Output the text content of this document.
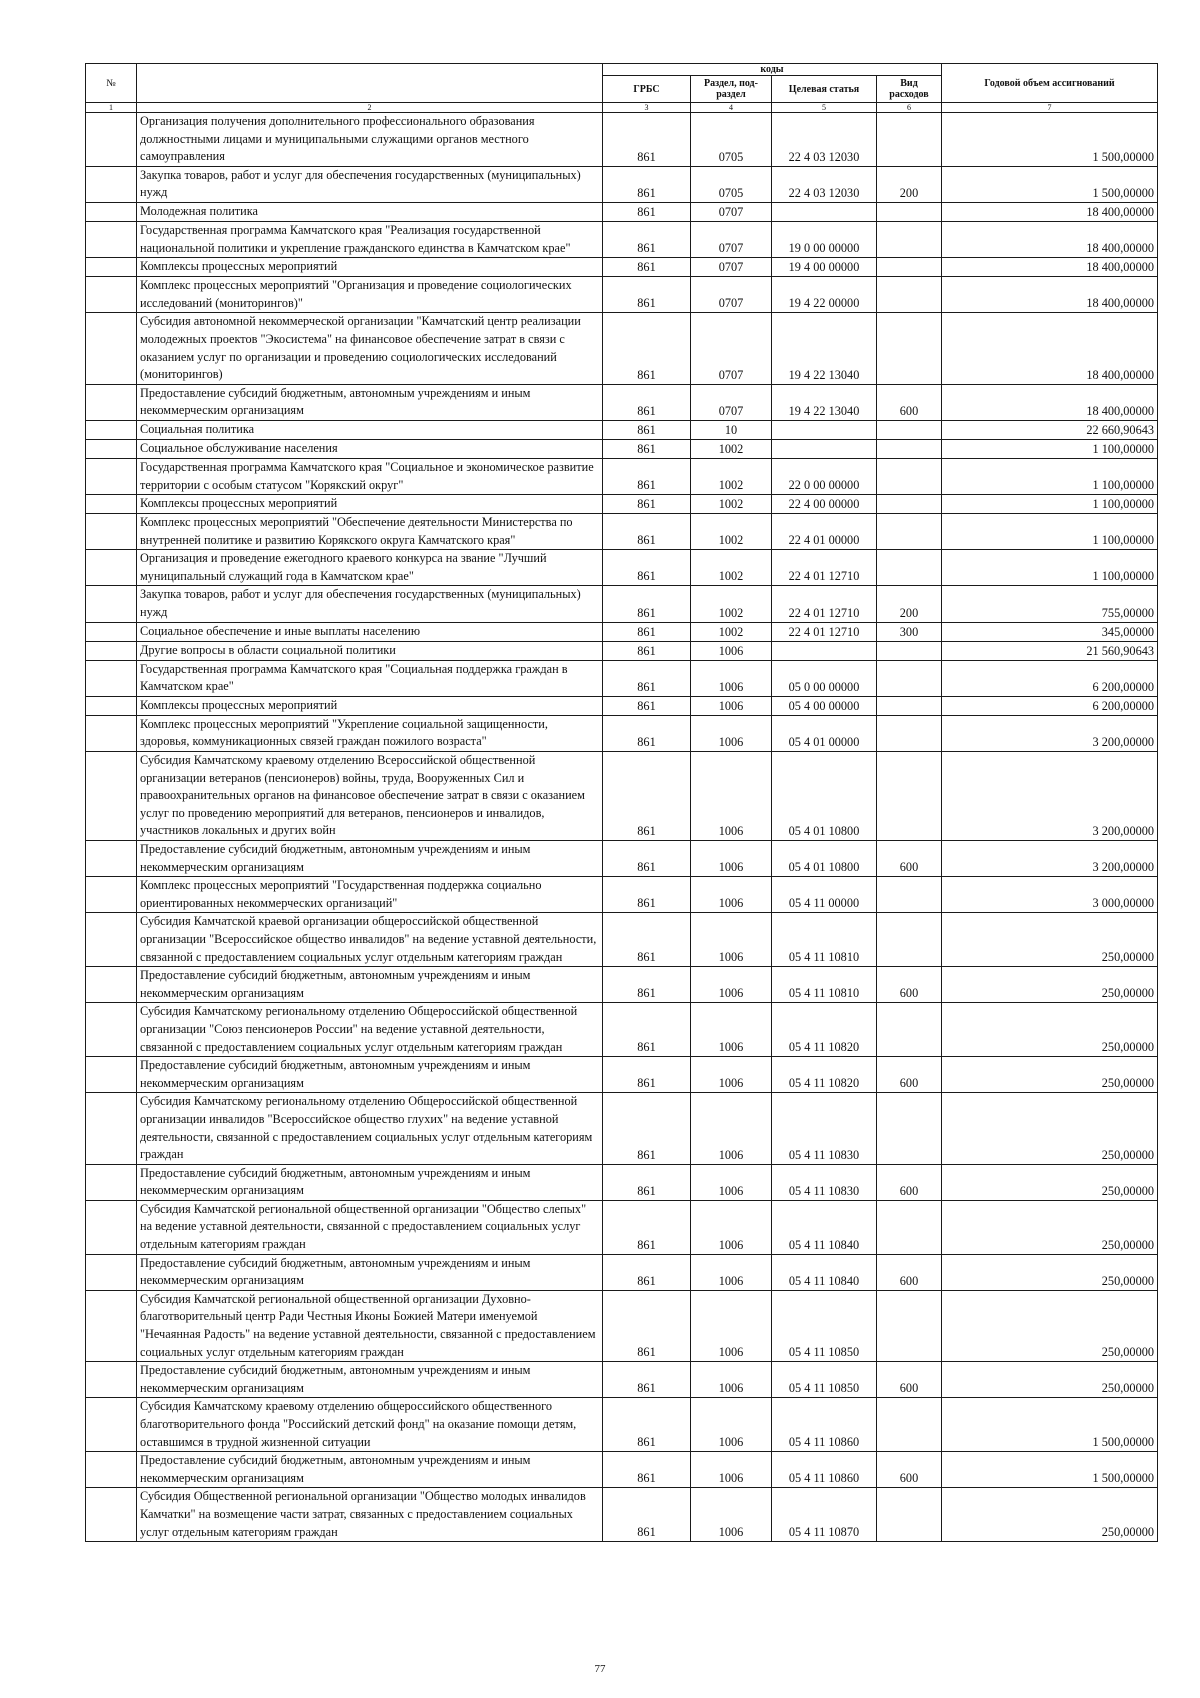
№		коды				Годовой объем ассигнований
		ГРБС	Раздел, под-раздел	Целевая статья	Вид расходов	
1	2	3	4	5	6	7
	Организация получения дополнительного профессионального образования должностными лицами и муниципальными служащими органов местного самоуправления	861	0705	22 4 03 12030		1 500,00000
	Закупка товаров, работ и услуг для обеспечения государственных (муниципальных) нужд	861	0705	22 4 03 12030	200	1 500,00000
	Молодежная политика	861	0707			18 400,00000
	Государственная программа Камчатского края "Реализация государственной национальной политики и укрепление гражданского единства в Камчатском крае"	861	0707	19 0 00 00000		18 400,00000
	Комплексы процессных мероприятий	861	0707	19 4 00 00000		18 400,00000
	Комплекс процессных мероприятий "Организация и проведение социологических исследований (мониторингов)"	861	0707	19 4 22 00000		18 400,00000
	Субсидия автономной некоммерческой организации "Камчатский центр реализации молодежных проектов "Экосистема" на финансовое обеспечение затрат в связи с оказанием услуг по организации и проведению социологических исследований (мониторингов)	861	0707	19 4 22 13040		18 400,00000
	Предоставление субсидий бюджетным, автономным учреждениям и иным некоммерческим организациям	861	0707	19 4 22 13040	600	18 400,00000
	Социальная политика	861	10			22 660,90643
	Социальное обслуживание населения	861	1002			1 100,00000
	Государственная программа Камчатского края "Социальное и экономическое развитие территории с особым статусом "Корякский округ"	861	1002	22 0 00 00000		1 100,00000
	Комплексы процессных мероприятий	861	1002	22 4 00 00000		1 100,00000
	Комплекс процессных мероприятий "Обеспечение деятельности Министерства по внутренней политике и развитию Корякского округа Камчатского края"	861	1002	22 4 01 00000		1 100,00000
	Организация и проведение ежегодного краевого конкурса на звание "Лучший муниципальный служащий года в Камчатском крае"	861	1002	22 4 01 12710		1 100,00000
	Закупка товаров, работ и услуг для обеспечения государственных (муниципальных) нужд	861	1002	22 4 01 12710	200	755,00000
	Социальное обеспечение и иные выплаты населению	861	1002	22 4 01 12710	300	345,00000
	Другие вопросы в области социальной политики	861	1006			21 560,90643
	Государственная программа Камчатского края "Социальная поддержка граждан в Камчатском крае"	861	1006	05 0 00 00000		6 200,00000
	Комплексы процессных мероприятий	861	1006	05 4 00 00000		6 200,00000
	Комплекс процессных мероприятий "Укрепление социальной защищенности, здоровья, коммуникационных связей граждан пожилого возраста"	861	1006	05 4 01 00000		3 200,00000
	Субсидия Камчатскому краевому отделению Всероссийской общественной организации ветеранов (пенсионеров) войны, труда, Вооруженных Сил и правоохранительных органов на финансовое обеспечение затрат в связи с оказанием услуг по проведению мероприятий для ветеранов, пенсионеров и инвалидов, участников локальных и других войн	861	1006	05 4 01 10800		3 200,00000
	Предоставление субсидий бюджетным, автономным учреждениям и иным некоммерческим организациям	861	1006	05 4 01 10800	600	3 200,00000
	Комплекс процессных мероприятий "Государственная поддержка социально ориентированных некоммерческих организаций"	861	1006	05 4 11 00000		3 000,00000
	Субсидия Камчатской краевой организации общероссийской общественной организации "Всероссийское общество инвалидов" на ведение уставной деятельности, связанной с предоставлением социальных услуг отдельным категориям граждан	861	1006	05 4 11 10810		250,00000
	Предоставление субсидий бюджетным, автономным учреждениям и иным некоммерческим организациям	861	1006	05 4 11 10810	600	250,00000
	Субсидия Камчатскому региональному отделению Общероссийской общественной организации "Союз пенсионеров России" на ведение уставной деятельности, связанной с предоставлением социальных услуг отдельным категориям граждан	861	1006	05 4 11 10820		250,00000
	Предоставление субсидий бюджетным, автономным учреждениям и иным некоммерческим организациям	861	1006	05 4 11 10820	600	250,00000
	Субсидия Камчатскому региональному отделению Общероссийской общественной организации инвалидов "Всероссийское общество глухих" на ведение уставной деятельности, связанной с предоставлением социальных услуг отдельным категориям граждан	861	1006	05 4 11 10830		250,00000
	Предоставление субсидий бюджетным, автономным учреждениям и иным некоммерческим организациям	861	1006	05 4 11 10830	600	250,00000
	Субсидия Камчатской региональной общественной организации "Общество слепых" на ведение уставной деятельности, связанной с предоставлением социальных услуг отдельным категориям граждан	861	1006	05 4 11 10840		250,00000
	Предоставление субсидий бюджетным, автономным учреждениям и иным некоммерческим организациям	861	1006	05 4 11 10840	600	250,00000
	Субсидия Камчатской региональной общественной организации Духовно-благотворительный центр Ради Честныя Иконы Божией Матери именуемой "Нечаянная Радость" на ведение уставной деятельности, связанной с предоставлением социальных услуг отдельным категориям граждан	861	1006	05 4 11 10850		250,00000
	Предоставление субсидий бюджетным, автономным учреждениям и иным некоммерческим организациям	861	1006	05 4 11 10850	600	250,00000
	Субсидия Камчатскому краевому отделению общероссийского общественного благотворительного фонда "Российский детский фонд" на оказание помощи детям, оставшимся в трудной жизненной ситуации	861	1006	05 4 11 10860		1 500,00000
	Предоставление субсидий бюджетным, автономным учреждениям и иным некоммерческим организациям	861	1006	05 4 11 10860	600	1 500,00000
	Субсидия Общественной региональной организации "Общество молодых инвалидов Камчатки" на возмещение части затрат, связанных с предоставлением социальных услуг отдельным категориям граждан	861	1006	05 4 11 10870		250,00000
77
